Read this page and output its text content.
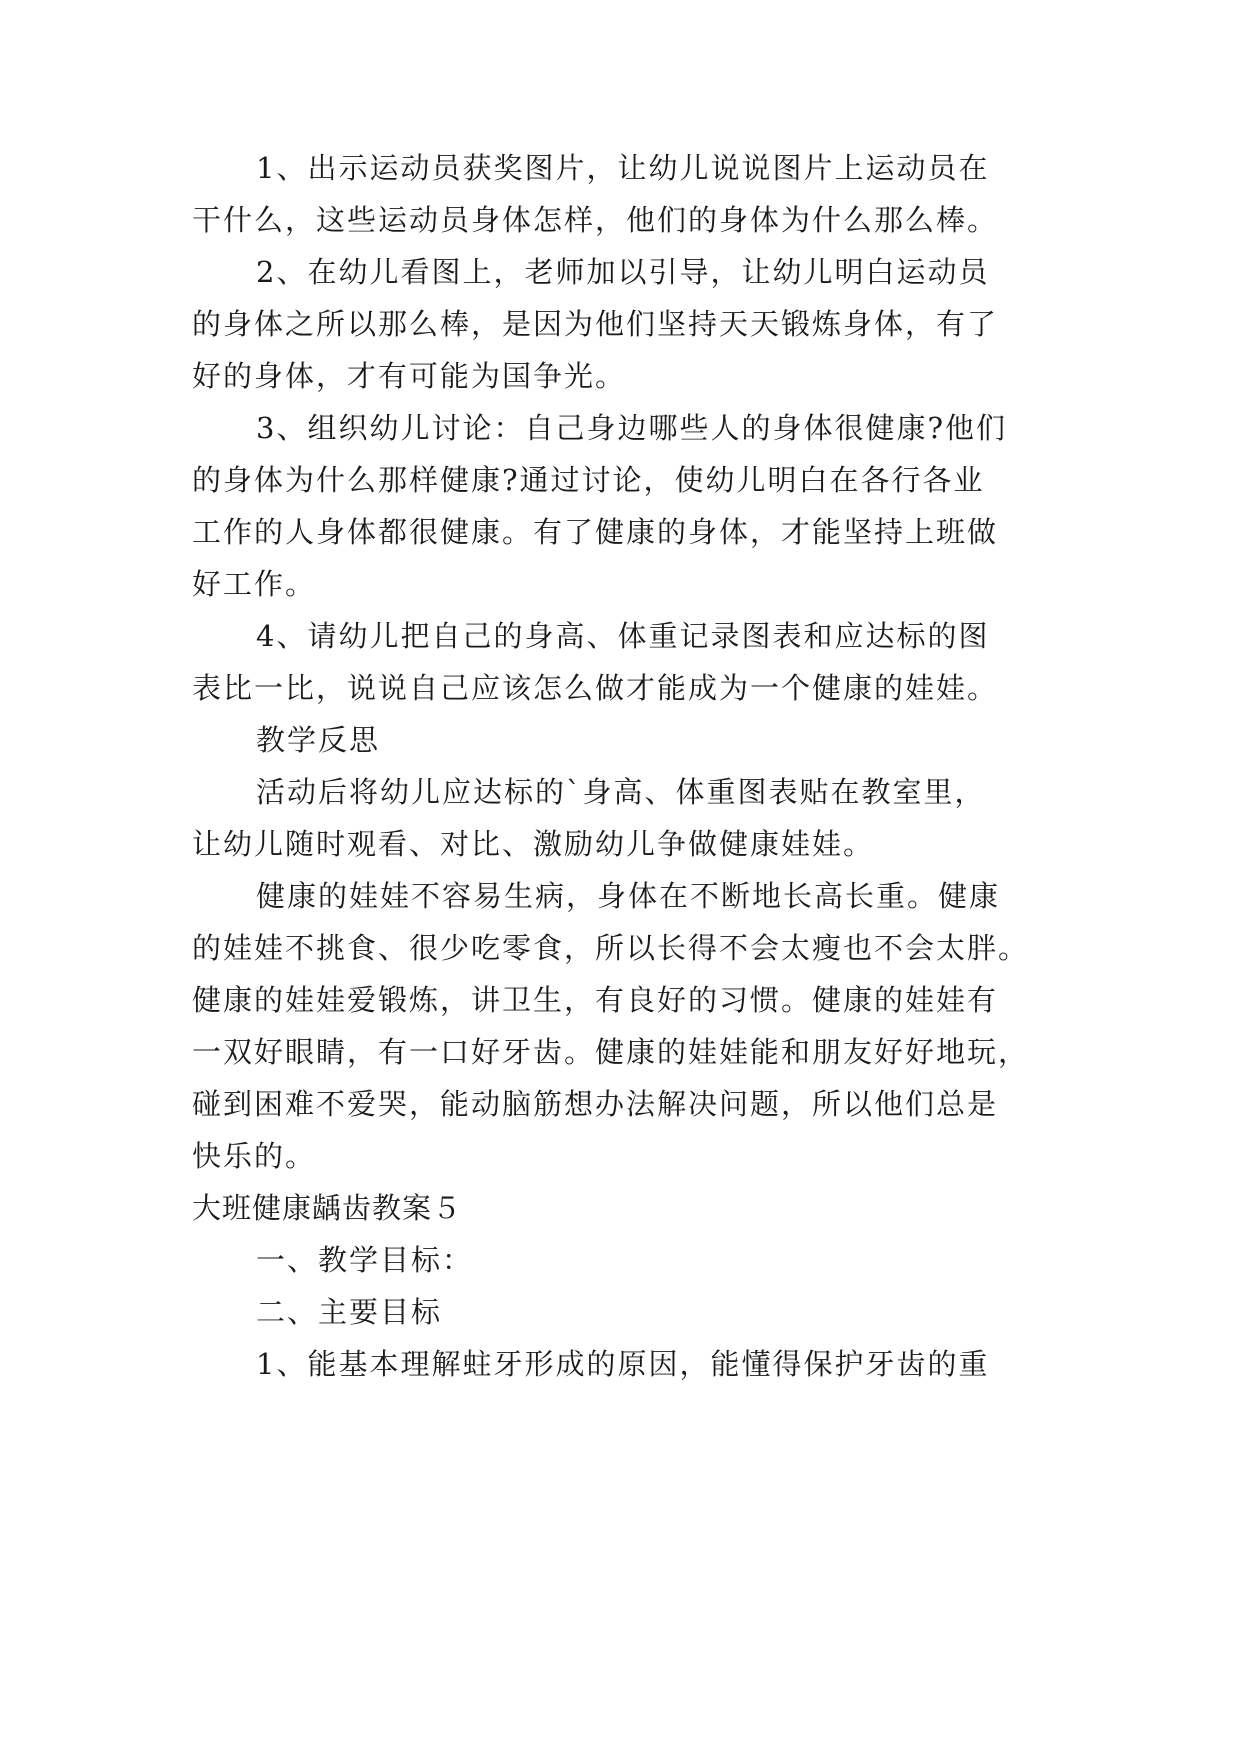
1、出示运动员获奖图片，让幼儿说说图片上运动员在

干什么，这些运动员身体怎样，他们的身体为什么那么棒。

2、在幼儿看图上，老师加以引导，让幼儿明白运动员

的身体之所以那么棒，是因为他们坚持天天锻炼身体，有了

好的身体，才有可能为国争光。

3、组织幼儿讨论：自己身边哪些人的身体很健康?他们

的身体为什么那样健康?通过讨论，使幼儿明白在各行各业

工作的人身体都很健康。有了健康的身体，才能坚持上班做

好工作。

4、请幼儿把自己的身高、体重记录图表和应达标的图

表比一比，说说自己应该怎么做才能成为一个健康的娃娃。

教学反思

活动后将幼儿应达标的`身高、体重图表贴在教室里，

让幼儿随时观看、对比、激励幼儿争做健康娃娃。

健康的娃娃不容易生病，身体在不断地长高长重。健康

的娃娃不挑食、很少吃零食，所以长得不会太瘦也不会太胖。

健康的娃娃爱锻炼，讲卫生，有良好的习惯。健康的娃娃有

一双好眼睛，有一口好牙齿。健康的娃娃能和朋友好好地玩，

碰到困难不爱哭，能动脑筋想办法解决问题，所以他们总是

快乐的。

大班健康龋齿教案５

一、教学目标：

二、主要目标

1、能基本理解蛀牙形成的原因，能懂得保护牙齿的重
